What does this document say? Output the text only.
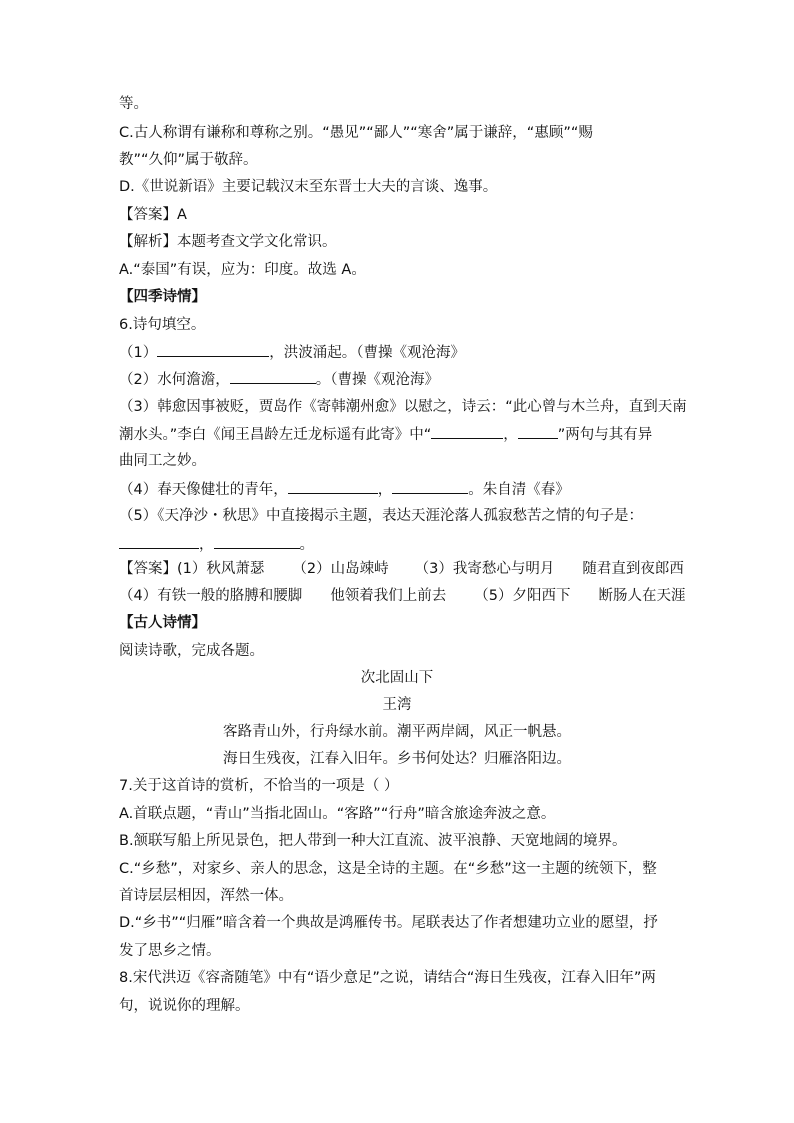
等。
C.古人称谓有谦称和尊称之别。“愚见”“鄙人”“寒舍”属于谦辞，“惠顾”“赐
教”“久仰”属于敬辞。
D.《世说新语》主要记载汉末至东晋士大夫的言谈、逸事。
【答案】A
【解析】本题考查文学文化常识。
A.“泰国”有误，应为：印度。故选 A。
【四季诗情】
6.诗句填空。
（1）	，洪波涌起。（曹操《观沧海》
（2）水何澹澹，	。（曹操《观沧海》
（3）韩愈因事被贬，贾岛作《寄韩潮州愈》以慰之，诗云：“此心曾与木兰舟，直到天南
潮水头。”李白《闻王昌龄左迁龙标遥有此寄》中“	，	”两句与其有异
曲同工之妙。
（4）春天像健壮的青年，	，	。朱自清《春》
（5）《天净沙・秋思》中直接揭示主题，表达天涯沦落人孤寂愁苦之情的句子是：
，	。
【答案】(1）秋风萧瑟 （2）山岛竦峙 （3）我寄愁心与明月 随君直到夜郎西
（4）有铁一般的胳膊和腰脚 他领着我们上前去 （5）夕阳西下 断肠人在天涯
【古人诗情】
阅读诗歌，完成各题。
次北固山下
王湾
客路青山外，行舟绿水前。潮平两岸阔，风正一帆悬。
海日生残夜，江春入旧年。乡书何处达？归雁洛阳边。
7.关于这首诗的赏析，不恰当的一项是（ ）
A.首联点题，“青山”当指北固山。“客路”“行舟”暗含旅途奔波之意。
B.颔联写船上所见景色，把人带到一种大江直流、波平浪静、天宽地阔的境界。
C.“乡愁”，对家乡、亲人的思念，这是全诗的主题。在“乡愁”这一主题的统领下，整
首诗层层相因，浑然一体。
D.“乡书”“归雁”暗含着一个典故是鸿雁传书。尾联表达了作者想建功立业的愿望，抒
发了思乡之情。
8.宋代洪迈《容斋随笔》中有“语少意足”之说，请结合“海日生残夜，江春入旧年”两
句，说说你的理解。
